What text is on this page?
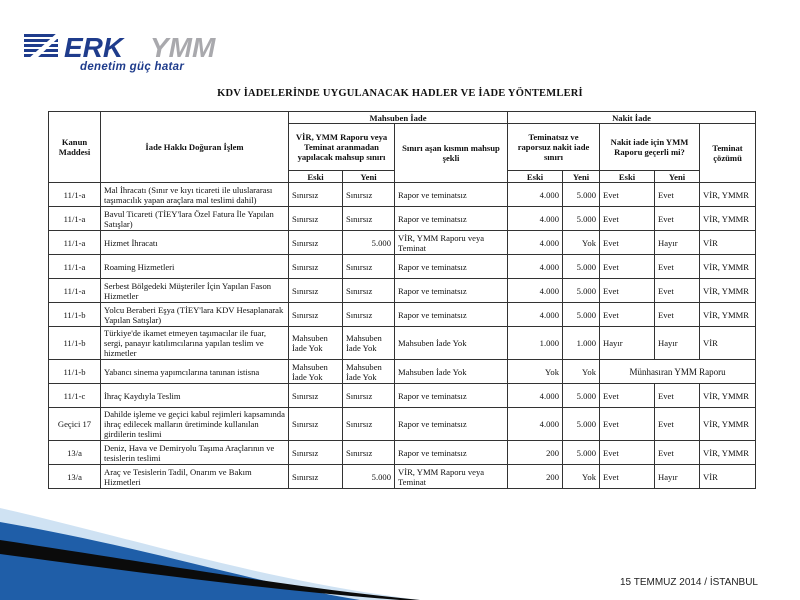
ERK YMM
denetim güç hatar
KDV İADELERİNDE UYGULANACAK HADLER VE İADE YÖNTEMLERİ
Kanun Maddesi	İade Hakkı Doğuran İşlem	Mahsuben İade			Nakit İade				
		VİR, YMM Raporu veya Teminat aranmadan yapılacak mahsup sınırı		Sınırı aşan kısmın mahsup şekli	Teminatsız ve raporsuz nakit iade sınırı		Nakit iade için YMM Raporu geçerli mi?		Teminat çözümü
		Eski	Yeni		Eski	Yeni	Eski	Yeni	
11/1-a	Mal İhracatı (Sınır ve kıyı ticareti ile uluslararası taşımacılık yapan araçlara mal teslimi dahil)	Sınırsız	Sınırsız	Rapor ve teminatsız	4.000	5.000	Evet	Evet	VİR, YMMR
11/1-a	Bavul Ticareti (TİEY'lara Özel Fatura İle Yapılan Satışlar)	Sınırsız	Sınırsız	Rapor ve teminatsız	4.000	5.000	Evet	Evet	VİR, YMMR
11/1-a	Hizmet İhracatı	Sınırsız	5.000	VİR, YMM Raporu veya Teminat	4.000	Yok	Evet	Hayır	VİR
11/1-a	Roaming Hizmetleri	Sınırsız	Sınırsız	Rapor ve teminatsız	4.000	5.000	Evet	Evet	VİR, YMMR
11/1-a	Serbest Bölgedeki Müşteriler İçin Yapılan Fason Hizmetler	Sınırsız	Sınırsız	Rapor ve teminatsız	4.000	5.000	Evet	Evet	VİR, YMMR
11/1-b	Yolcu Beraberi Eşya (TİEY'lara KDV Hesaplanarak Yapılan Satışlar)	Sınırsız	Sınırsız	Rapor ve teminatsız	4.000	5.000	Evet	Evet	VİR, YMMR
11/1-b	Türkiye'de ikamet etmeyen taşımacılar ile fuar, sergi, panayır katılımcılarına yapılan teslim ve hizmetler	Mahsuben İade Yok	Mahsuben İade Yok	Mahsuben İade Yok	1.000	1.000	Hayır	Hayır	VİR
11/1-b	Yabancı sinema yapımcılarına tanınan istisna	Mahsuben İade Yok	Mahsuben İade Yok	Mahsuben İade Yok	Yok	Yok	Münhasıran YMM Raporu		
11/1-c	İhraç Kaydıyla Teslim	Sınırsız	Sınırsız	Rapor ve teminatsız	4.000	5.000	Evet	Evet	VİR, YMMR
Geçici 17	Dahilde işleme ve geçici kabul rejimleri kapsamında ihraç edilecek malların üretiminde kullanılan girdilerin teslimi	Sınırsız	Sınırsız	Rapor ve teminatsız	4.000	5.000	Evet	Evet	VİR, YMMR
13/a	Deniz, Hava ve Demiryolu Taşıma Araçlarının ve tesislerin teslimi	Sınırsız	Sınırsız	Rapor ve teminatsız	200	5.000	Evet	Evet	VİR, YMMR
13/a	Araç ve Tesislerin Tadil, Onarım ve Bakım Hizmetleri	Sınırsız	5.000	VİR, YMM Raporu veya Teminat	200	Yok	Evet	Hayır	VİR
15 TEMMUZ 2014 / İSTANBUL
